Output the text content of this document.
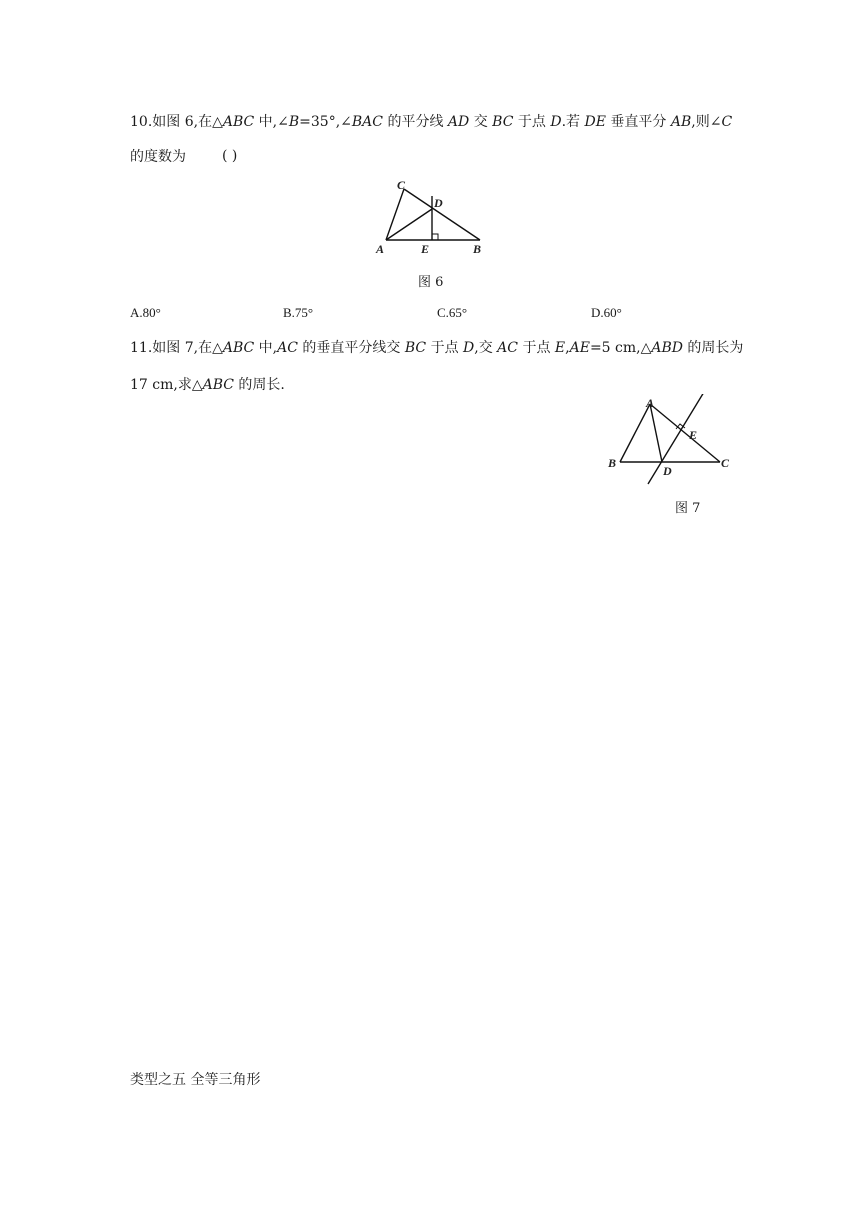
10.如图 6,在△ABC 中,∠B=35°,∠BAC 的平分线 AD 交 BC 于点 D.若 DE 垂直平分 AB,则∠C
的度数为	( )
C
D
A	E	B
图 6
A.80°	B.75°	C.65°	D.60°
11.如图 7,在△ABC 中,AC 的垂直平分线交 BC 于点 D,交 AC 于点 E,AE=5 cm,△ABD 的周长为
17 cm,求△ABC 的周长.
A
E
B
D
C
图 7
类型之五 全等三角形
